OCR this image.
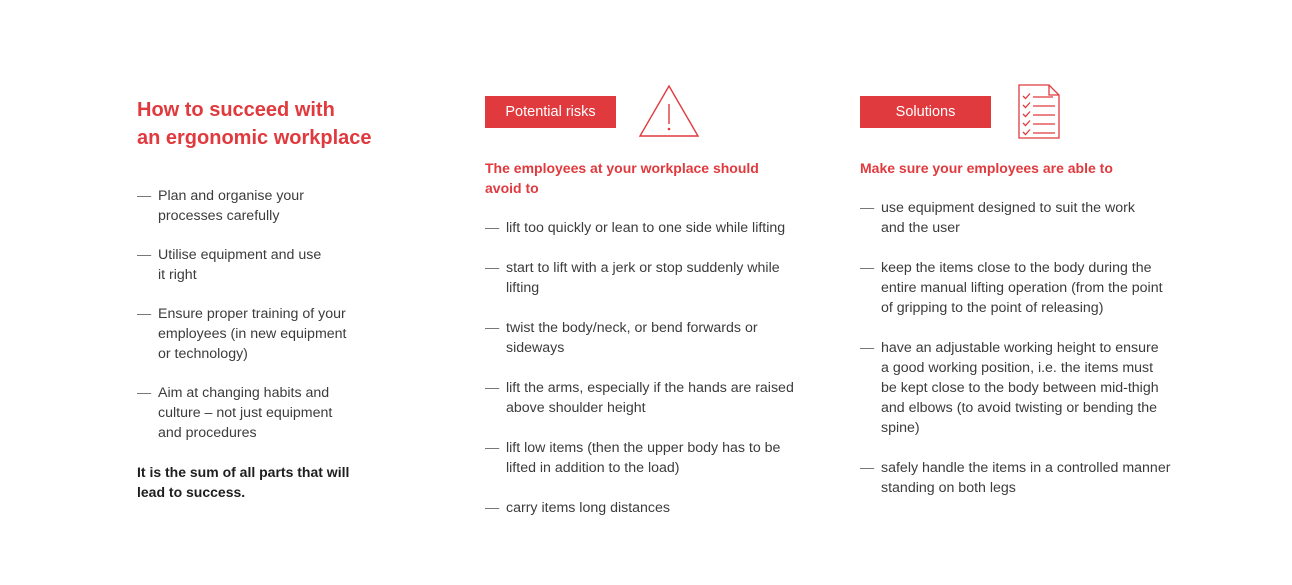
How to succeed with
an ergonomic workplace
— Plan and organise your
processes carefully
— Utilise equipment and use
it right
— Ensure proper training of your
employees (in new equipment
or technology)
— Aim at changing habits and
culture – not just equipment
and procedures

It is the sum of all parts that will
lead to success.

Potential risks

The employees at your workplace should
avoid to

— lift too quickly or lean to one side while lifting
— start to lift with a jerk or stop suddenly while
lifting
— twist the body/neck, or bend forwards or
sideways
— lift the arms, especially if the hands are raised
above shoulder height
— lift low items (then the upper body has to be
lifted in addition to the load)
— carry items long distances
Solutions

Make sure your employees are able to

— use equipment designed to suit the work
and the user
— keep the items close to the body during the
entire manual lifting operation (from the point
of gripping to the point of releasing)
— have an adjustable working height to ensure
a good working position, i.e. the items must
be kept close to the body between mid-thigh
and elbows (to avoid twisting or bending the
spine)
— safely handle the items in a controlled manner
standing on both legs
